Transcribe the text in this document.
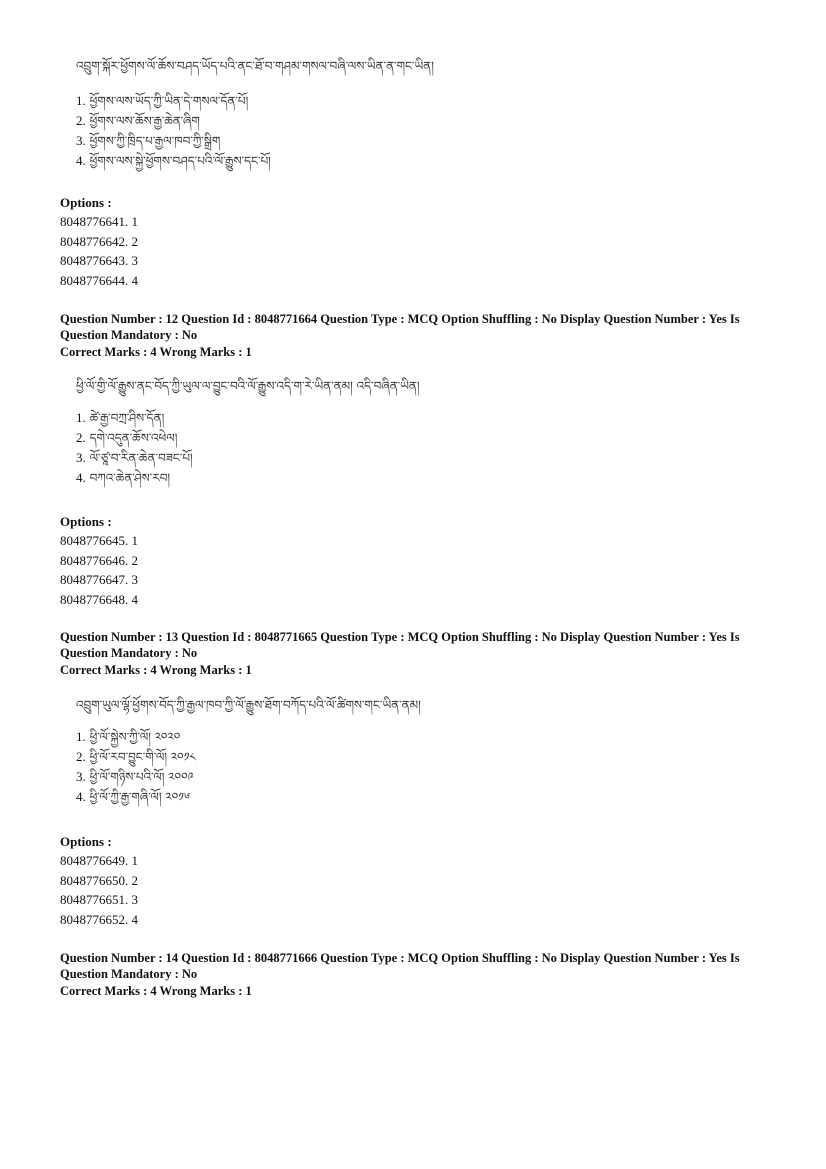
འབྲུག་སྐོར་ཕྱོགས་ལོ་ཆོས་བཤད་ཡོད་པའི་ནང་ཐོ་བ་གཤམ་གསལ་བཞི་ལས་ཡིན་ན་གང་ཡིན།
1. ཕྱོགས་ལས་ཡོད་ཀྱི་ཡིན་དེ་གསལ་དོན་པོ།
2. ཕྱོགས་ལས་ཆོས་རྒྱ་ཆེན་ཞིག
3. ཕྱོགས་ཀྱི་ཁྲིད་པ་རྒྱལ་ཁབ་ཀྱི་སྒྲིག
4. ཕྱོགས་ལས་སྐྱེ་ཕྱོགས་བཤད་པའི་ལོ་རྒྱུས་དང་པོ།
Options :
8048776641. 1
8048776642. 2
8048776643. 3
8048776644. 4
Question Number : 12 Question Id : 8048771664 Question Type : MCQ Option Shuffling : No Display Question Number : Yes Is
Question Mandatory : No
Correct Marks : 4 Wrong Marks : 1
ཕྱི་ལོ་གྱི་ལོ་རྒྱུས་ནང་བོད་ཀྱི་ཡུལ་ལ་བྱུང་བའི་ལོ་རྒྱུས་འདི་ག་རེ་ཡིན་ནམ། འདི་བཞིན་ཡིན།
1. ཚེ་རྒྱ་བཀྲ་ཤིས་དོན།
2. དགེ་འདུན་ཆོས་འཕེལ།
3. ལོ་ཙཱ་བ་རིན་ཆེན་བཟང་པོ།
4. བཀའ་ཆེན་ཤེས་རབ།
Options :
8048776645. 1
8048776646. 2
8048776647. 3
8048776648. 4
Question Number : 13 Question Id : 8048771665 Question Type : MCQ Option Shuffling : No Display Question Number : Yes Is
Question Mandatory : No
Correct Marks : 4 Wrong Marks : 1
འབྲུག་ཡུལ་ལྷོ་ཕྱོགས་བོད་ཀྱི་རྒྱལ་ཁབ་ཀྱི་ལོ་རྒྱུས་ཐོག་བཀོད་པའི་ལོ་ཚིགས་གང་ཡིན་ནམ།
1. ཕྱི་ལོ་སྐྱེས་ཀྱི་ལོ། ༢༠༢༠
2. ཕྱི་ལོ་རབ་བྱུང་གི་ལོ། ༢༠༡༨
3. ཕྱི་ལོ་གཉིས་པའི་ལོ། ༢༠༠༩
4. ཕྱི་ལོ་ཀྱི་རྒྱ་གཞི་ལོ། ༢༠༡༦
Options :
8048776649. 1
8048776650. 2
8048776651. 3
8048776652. 4
Question Number : 14 Question Id : 8048771666 Question Type : MCQ Option Shuffling : No Display Question Number : Yes Is
Question Mandatory : No
Correct Marks : 4 Wrong Marks : 1
